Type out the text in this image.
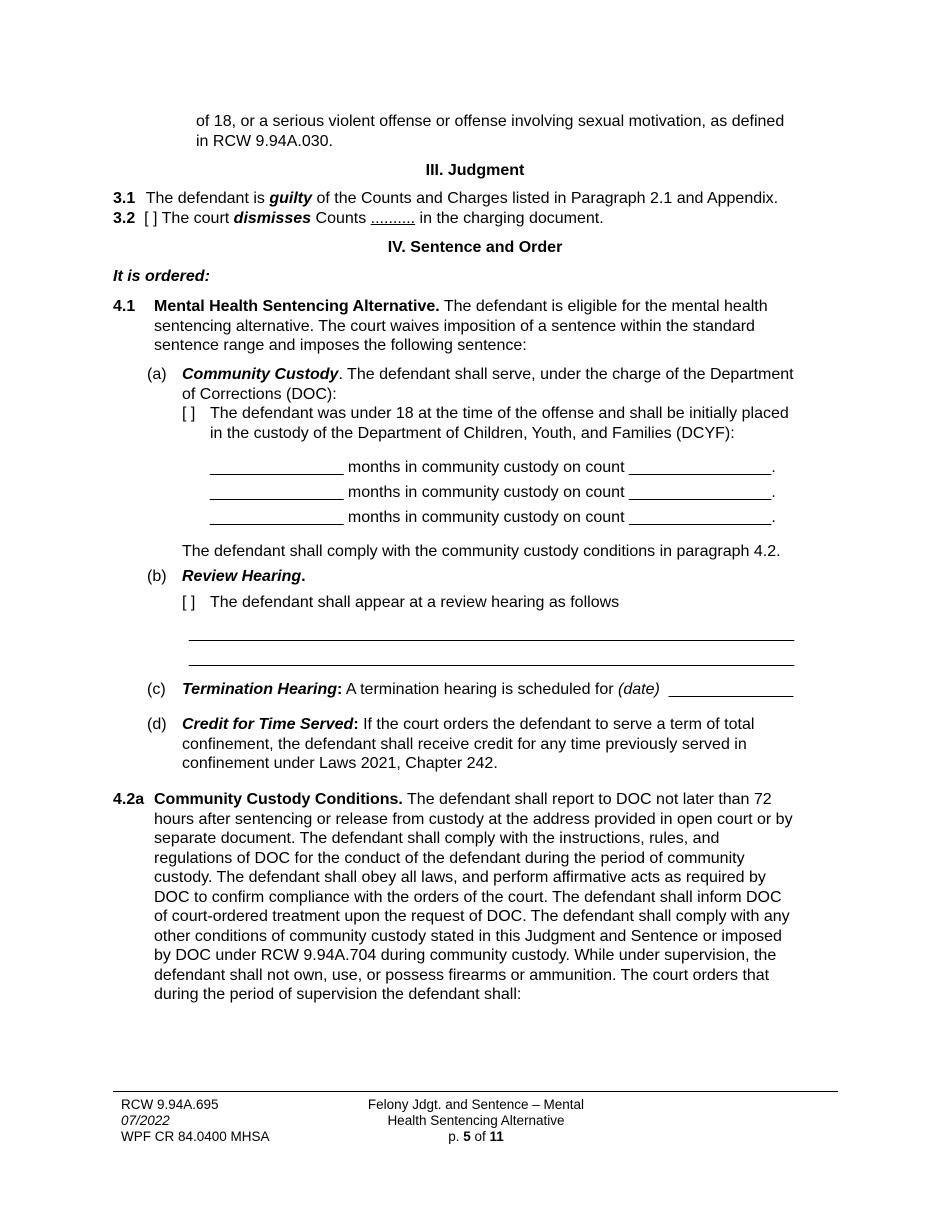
of 18, or a serious violent offense or offense involving sexual motivation, as defined
in RCW 9.94A.030.
III. Judgment
3.1 The defendant is guilty of the Counts and Charges listed in Paragraph 2.1 and Appendix.
3.2 [ ] The court dismisses Counts .......... in the charging document.
IV. Sentence and Order
It is ordered:
4.1 Mental Health Sentencing Alternative. The defendant is eligible for the mental health
sentencing alternative. The court waives imposition of a sentence within the standard
sentence range and imposes the following sentence:
(a) Community Custody. The defendant shall serve, under the charge of the Department
of Corrections (DOC):
[ ] The defendant was under 18 at the time of the offense and shall be initially placed
in the custody of the Department of Children, Youth, and Families (DCYF):
_______________ months in community custody on count ________________.
_______________ months in community custody on count ________________.
_______________ months in community custody on count ________________.
The defendant shall comply with the community custody conditions in paragraph 4.2.
(b) Review Hearing.
[ ] The defendant shall appear at a review hearing as follows
____________________________________________________________________
____________________________________________________________________
(c) Termination Hearing: A termination hearing is scheduled for (date)  ______________
(d) Credit for Time Served: If the court orders the defendant to serve a term of total
confinement, the defendant shall receive credit for any time previously served in
confinement under Laws 2021, Chapter 242.
4.2a Community Custody Conditions. The defendant shall report to DOC not later than 72
hours after sentencing or release from custody at the address provided in open court or by
separate document. The defendant shall comply with the instructions, rules, and
regulations of DOC for the conduct of the defendant during the period of community
custody. The defendant shall obey all laws, and perform affirmative acts as required by
DOC to confirm compliance with the orders of the court. The defendant shall inform DOC
of court-ordered treatment upon the request of DOC. The defendant shall comply with any
other conditions of community custody stated in this Judgment and Sentence or imposed
by DOC under RCW 9.94A.704 during community custody. While under supervision, the
defendant shall not own, use, or possess firearms or ammunition. The court orders that
during the period of supervision the defendant shall:
RCW 9.94A.695
07/2022
WPF CR 84.0400 MHSA
Felony Jdgt. and Sentence – Mental
Health Sentencing Alternative
p. 5 of 11
